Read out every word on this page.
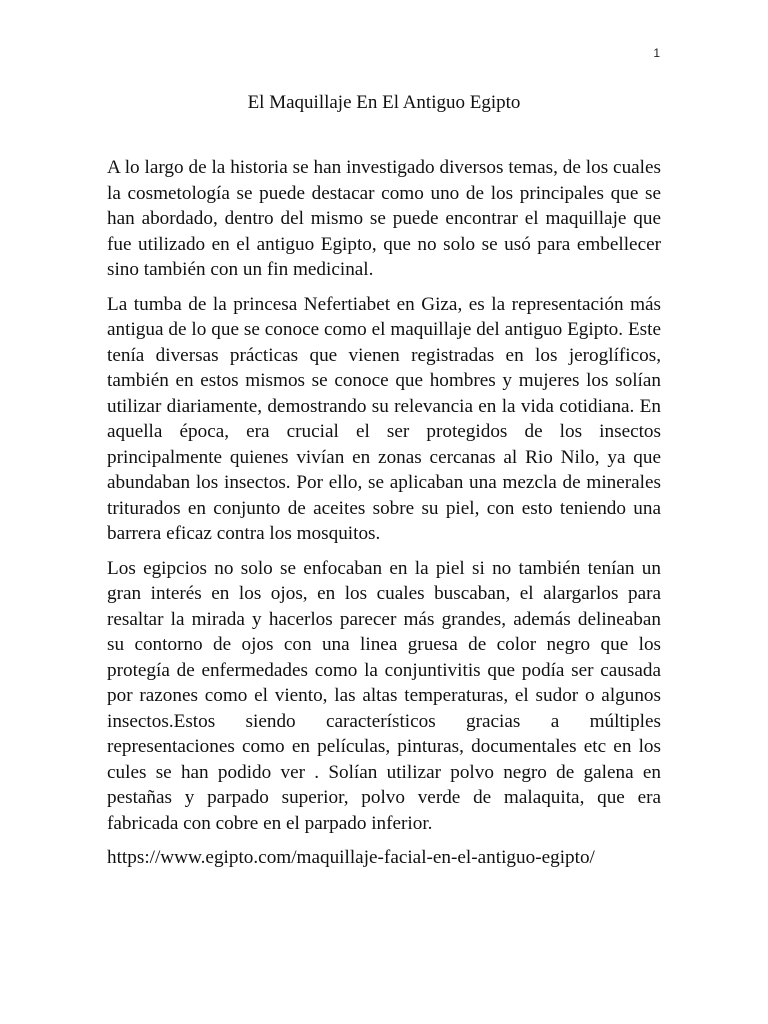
1
El Maquillaje En El Antiguo Egipto

A lo largo de la historia se han investigado diversos temas, de los cuales la cosmetología se puede destacar como uno de los principales que se han abordado, dentro del mismo se puede encontrar el maquillaje que fue utilizado en el antiguo Egipto, que no solo se usó para embellecer sino también con un fin medicinal.

La tumba de la princesa Nefertiabet en Giza, es la representación más antigua de lo que se conoce como el maquillaje del antiguo Egipto. Este tenía diversas prácticas que vienen registradas en los jeroglíficos, también en estos mismos se conoce que hombres y mujeres los solían utilizar diariamente, demostrando su relevancia en la vida cotidiana. En aquella época, era crucial el ser protegidos de los insectos principalmente quienes vivían en zonas cercanas al Rio Nilo, ya que abundaban los insectos. Por ello, se aplicaban una mezcla de minerales triturados en conjunto de aceites sobre su piel, con esto teniendo una barrera eficaz contra los mosquitos.

Los egipcios no solo se enfocaban en la piel si no también tenían un gran interés en los ojos, en los cuales buscaban, el alargarlos para resaltar la mirada y hacerlos parecer más grandes, además delineaban su contorno de ojos con una linea gruesa de color negro que los protegía de enfermedades como la conjuntivitis que podía ser causada por razones como el viento, las altas temperaturas, el sudor o algunos insectos.Estos siendo característicos gracias a múltiples representaciones como en películas, pinturas, documentales etc en los cules se han podido ver . Solían utilizar polvo negro de galena en pestañas y parpado superior, polvo verde de malaquita, que era fabricada con cobre en el parpado inferior.

https://www.egipto.com/maquillaje-facial-en-el-antiguo-egipto/
